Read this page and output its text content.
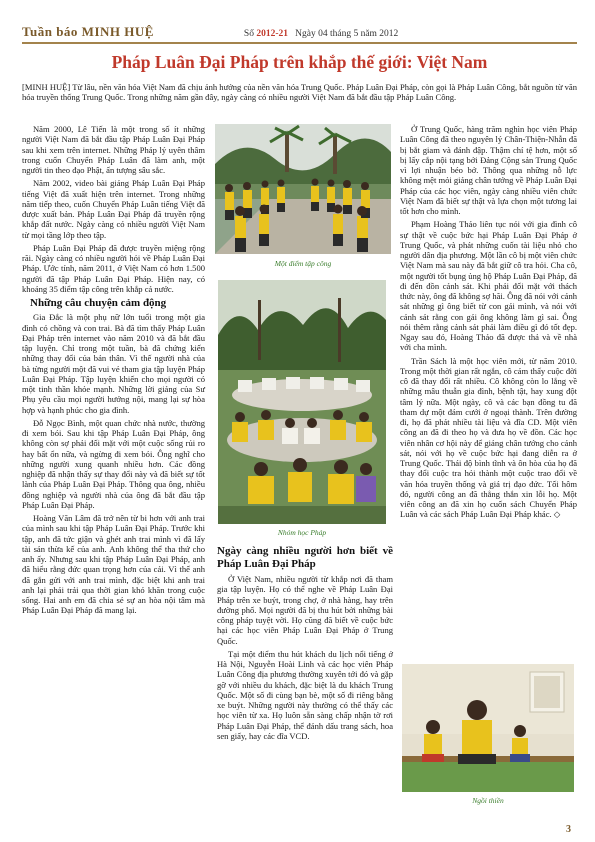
Tuần báo MINH HUỆ	Số 2012-21 Ngày 04 tháng 5 năm 2012
Pháp Luân Đại Pháp trên khắp thế giới: Việt Nam

[MINH HUỆ] Từ lâu, nền văn hóa Việt Nam đã chịu ảnh hưởng của nền văn hóa Trung Quốc. Pháp Luân Đại Pháp, còn gọi là Pháp Luân Công, bắt nguồn từ văn hóa truyền thống Trung Quốc. Trong những năm gần đây, ngày càng có nhiều người Việt Nam đã bắt đầu tập Pháp Luân Công.

Năm 2000, Lê Tiến là một trong số ít những người Việt Nam đã bắt đầu tập Pháp Luân Đại Pháp sau khi xem trên internet. Những Pháp lý uyên thâm trong cuốn Chuyển Pháp Luân đã làm anh, một người tin theo đạo Phật, ấn tượng sâu sắc.

Năm 2002, video bài giảng Pháp Luân Đại Pháp tiếng Việt đã xuất hiện trên internet. Trong những năm tiếp theo, cuốn Chuyển Pháp Luân tiếng Việt đã được xuất bản. Pháp Luân Đại Pháp đã truyền rộng khắp đất nước. Ngày càng có nhiều người Việt Nam từ mọi tầng lớp theo tập.

Pháp Luân Đại Pháp đã được truyền miệng rộng rãi. Ngày càng có nhiều người hỏi về Pháp Luân Đại Pháp. Ước tính, năm 2011, ở Việt Nam có hơn 1.500 người đã tập Pháp Luân Đại Pháp. Hiện nay, có khoảng 35 điểm tập công trên khắp cả nước.

Những câu chuyện cảm động

Gia Đắc là một phụ nữ lớn tuổi trong một gia đình có chồng và con trai. Bà đã tìm thấy Pháp Luân Đại Pháp trên internet vào năm 2010 và đã bắt đầu tập luyện. Chỉ trong một tuần, bà đã chứng kiến những thay đổi của bản thân. Vì thế người nhà của bà từng người một đã vui vẻ tham gia tập luyện Pháp Luân Đại Pháp. Tập luyện khiến cho mọi người có một tinh thần khỏe mạnh. Những lời giảng của Sư Phụ yêu cầu mọi người hướng nội, mang lại sự hòa hợp và hạnh phúc cho gia đình.

Đỗ Ngọc Bình, một quan chức nhà nước, thường đi xem bói. Sau khi tập Pháp Luân Đại Pháp, ông không còn sợ phải đối mặt với một cuộc sống rủi ro hay bất ổn nữa, và ngừng đi xem bói. Ông nghĩ cho những người xung quanh nhiều hơn. Các đồng nghiệp đã nhận thấy sự thay đổi này và đã biết sự tốt lành của Pháp Luân Đại Pháp. Thông qua ông, nhiều đồng nghiệp và người nhà của ông đã bắt đầu tập Pháp Luân Đại Pháp.

Hoàng Văn Lâm đã trở nên từ bi hơn với anh trai của mình sau khi tập Pháp Luân Đại Pháp. Trước khi tập, anh đã tức giận và ghét anh trai mình vì đã lấy tài sản thừa kế của anh. Anh không thể tha thứ cho anh ấy. Nhưng sau khi tập Pháp Luân Đại Pháp, anh đã hiểu rằng đức quan trọng hơn của cải. Vì thế anh đã gắn gửi với anh trai mình, đặc biệt khi anh trai anh lại phải trải qua thời gian khó khăn trong cuộc sống. Hai anh em đã chia sẻ sự an hòa nội tâm mà Pháp Luân Đại Pháp đã mang lại.

Một điểm tập công
Nhóm học Pháp
Ngày càng nhiều người hơn biết về Pháp Luân Đại Pháp

Ở Việt Nam, nhiều người từ khắp nơi đã tham gia tập luyện. Họ có thể nghe về Pháp Luân Đại Pháp trên xe buýt, trong chợ, ở nhà hàng, hay trên đường phố. Mọi người đã bị thu hút bởi những bài công pháp tuyệt vời. Họ cũng đã biết về cuộc bức hại các học viên Pháp Luân Đại Pháp ở Trung Quốc.

Tại một điểm thu hút khách du lịch nổi tiếng ở Hà Nội, Nguyễn Hoài Linh và các học viên Pháp Luân Công địa phương thường xuyên tới đó và gặp gỡ với nhiều du khách, đặc biệt là du khách Trung Quốc. Một số đi cùng bạn bè, một số đi riêng bằng xe buýt. Những người này thường có thể thấy các học viên từ xa. Họ luôn sẵn sàng chấp nhận tờ rơi Pháp Luân Đại Pháp, thể đánh dấu trang sách, hoa sen giấy, hay các đĩa VCD.

Ở Trung Quốc, hàng trăm nghìn học viên Pháp Luân Công đã theo nguyên lý Chân-Thiện-Nhẫn đã bị bắt giam và đánh đập. Thậm chí tệ hơn, một số bị lấy cắp nội tạng bởi Đảng Cộng sản Trung Quốc vì lợi nhuận béo bở. Thông qua những nỗ lực không mệt mỏi giảng chân tướng về Pháp Luân Đại Pháp của các học viên, ngày càng nhiều viên chức Việt Nam đã biết sự thật và lựa chọn một tương lai tốt hơn cho mình.

Phạm Hoàng Thảo liên tục nói với gia đình cô sự thật về cuộc bức hại Pháp Luân Đại Pháp ở Trung Quốc, và phát những cuốn tài liệu nhỏ cho người dân địa phương. Một lần cô bị một viên chức Việt Nam mà sau này đã bắt giữ cô tra hỏi. Cha cô, một người tốt bụng ủng hộ Pháp Luân Đại Pháp, đã đi đến đồn cảnh sát. Khi phải đối mặt với thách thức này, ông đã không sợ hãi. Ông đã nói với cảnh sát những gì ông biết từ con gái mình, và nói với cảnh sát rằng con gái ông không làm gì sai. Ông nói thêm rằng cảnh sát phải làm điều gì đó tốt đẹp. Ngay sau đó, Hoàng Thảo đã được thả và về nhà với cha mình.

Trần Sách là một học viên mới, từ năm 2010. Trong một thời gian rất ngắn, cô cảm thấy cuộc đời cô đã thay đổi rất nhiều. Cô không còn lo lắng về những mâu thuẫn gia đình, bệnh tật, hay xung đột tâm lý nữa. Một ngày, cô và các bạn đồng tu đã tham dự một đám cưới ở ngoại thành. Trên đường đi, họ đã phát nhiều tài liệu và đĩa CD. Một viên công an đã đi theo họ và đưa họ về đồn. Các học viên nhân cơ hội này để giảng chân tướng cho cảnh sát, nói với họ về cuộc bức hại đang diễn ra ở Trung Quốc. Thái độ bình tĩnh và ôn hòa của họ đã thay đổi cuộc tra hỏi thành một cuộc trao đổi về văn hóa truyền thống và giá trị đạo đức. Tối hôm đó, người công an đã thẳng thắn xin lỗi họ. Một viên công an đã xin họ cuốn sách Chuyển Pháp Luân và các sách Pháp Luân Đại Pháp khác. ◇

Ngồi thiền
3
